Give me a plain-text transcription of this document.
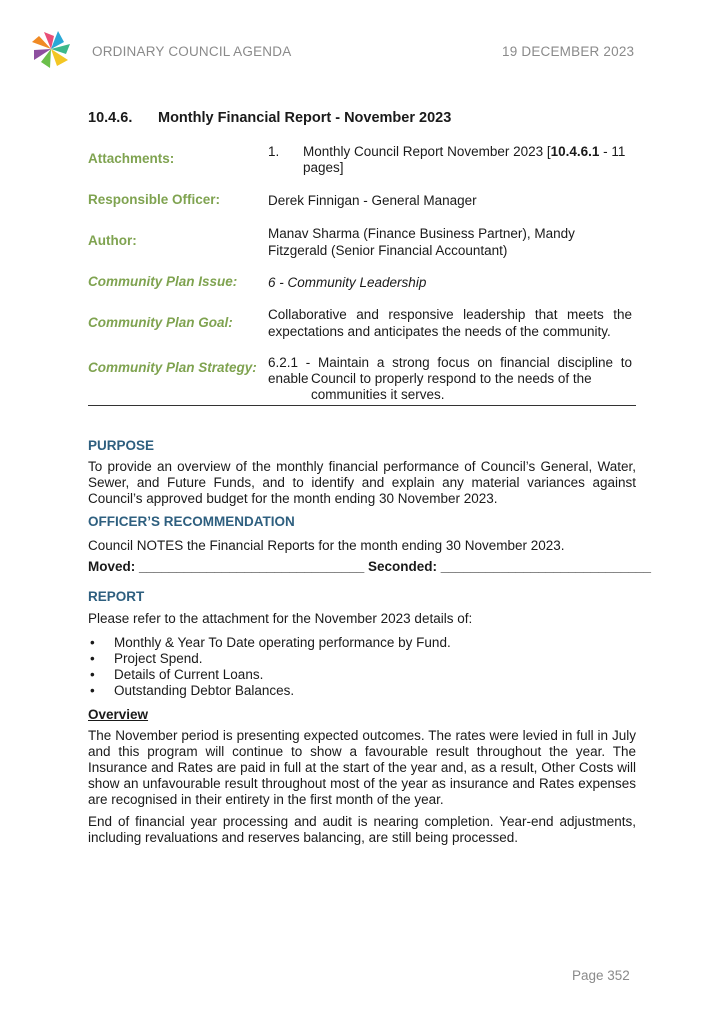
ORDINARY COUNCIL AGENDA	19 DECEMBER 2023
10.4.6. Monthly Financial Report - November 2023
Attachments:	1. Monthly Council Report November 2023 [10.4.6.1 - 11 pages]
Responsible Officer:	Derek Finnigan - General Manager
Author:	Manav Sharma (Finance Business Partner), Mandy Fitzgerald (Senior Financial Accountant)
Community Plan Issue: 6 - Community Leadership
Community Plan Goal:
Collaborative and responsive leadership that meets the expectations and anticipates the needs of the community.
Community Plan Strategy: 6.2.1 - Maintain a strong focus on financial discipline to enable Council to properly respond to the needs of the
communities it serves.
PURPOSE
To provide an overview of the monthly financial performance of Council’s General, Water, Sewer, and Future Funds, and to identify and explain any material variances against Council’s approved budget for the month ending 30 November 2023.
OFFICER’S RECOMMENDATION
Council NOTES the Financial Reports for the month ending 30 November 2023.
Moved: ______________________________ Seconded: ____________________________
REPORT
Please refer to the attachment for the November 2023 details of:
• Monthly & Year To Date operating performance by Fund.
• Project Spend.
• Details of Current Loans.
• Outstanding Debtor Balances.
Overview
The November period is presenting expected outcomes. The rates were levied in full in July and this program will continue to show a favourable result throughout the year. The Insurance and Rates are paid in full at the start of the year and, as a result, Other Costs will show an unfavourable result throughout most of the year as insurance and Rates expenses are recognised in their entirety in the first month of the year.
End of financial year processing and audit is nearing completion. Year-end adjustments, including revaluations and reserves balancing, are still being processed.
Page 352
